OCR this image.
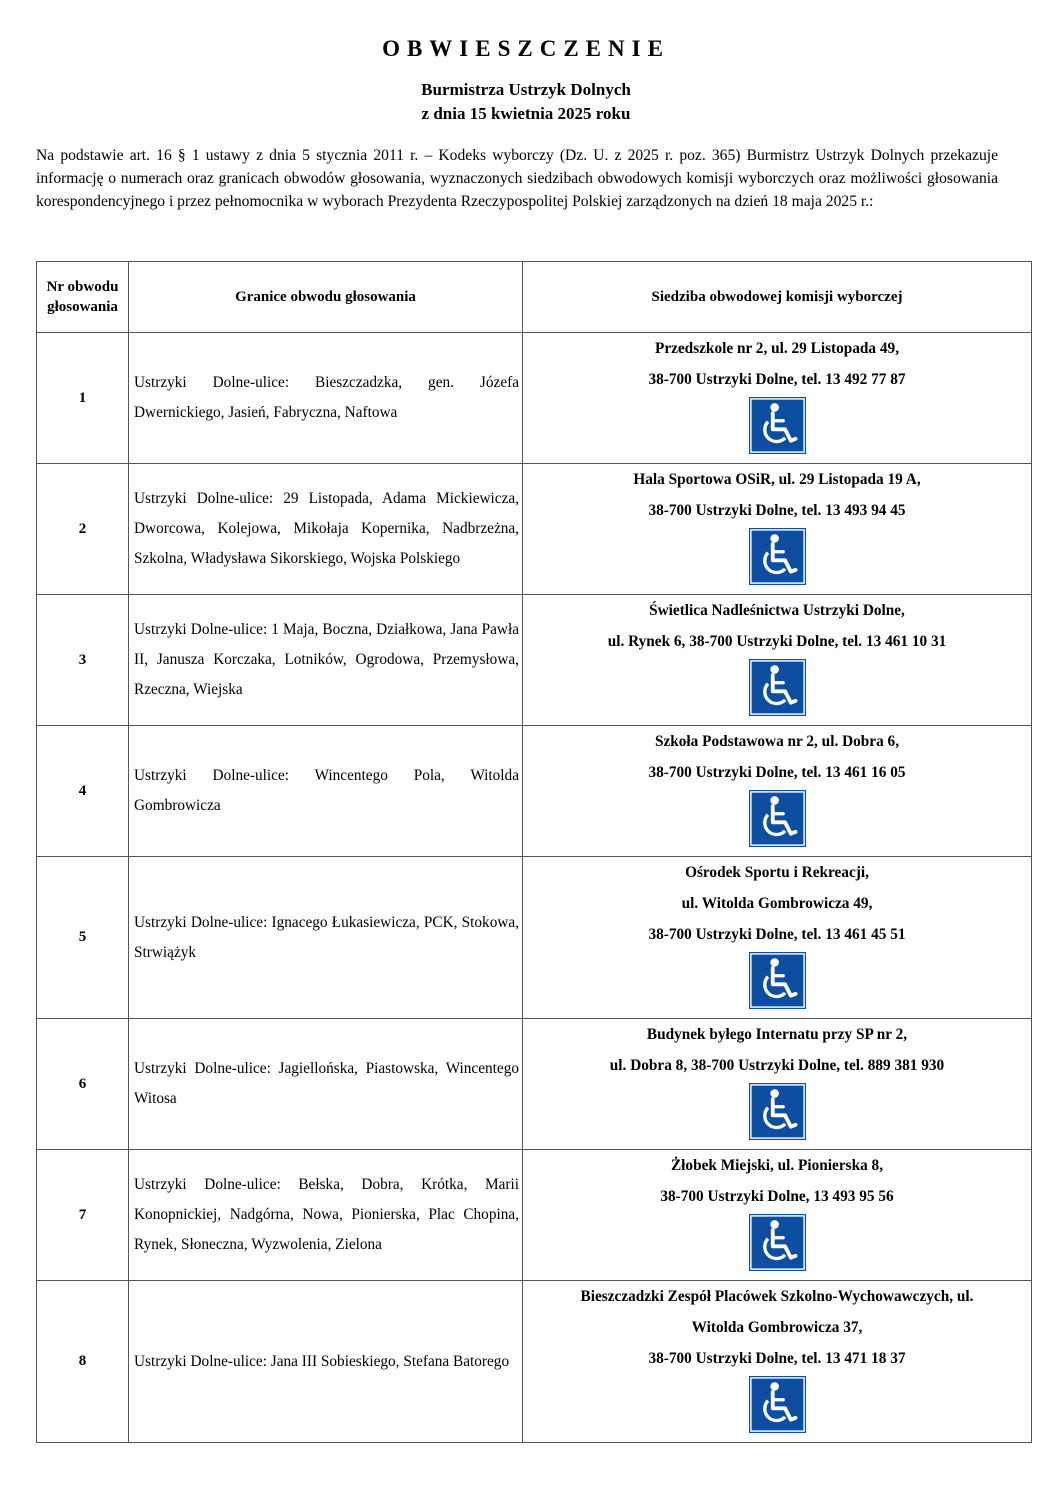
OBWIESZCZENIE
Burmistrza Ustrzyk Dolnych
z dnia 15 kwietnia 2025 roku
Na podstawie art. 16 § 1 ustawy z dnia 5 stycznia 2011 r. – Kodeks wyborczy (Dz. U. z 2025 r. poz. 365) Burmistrz Ustrzyk Dolnych przekazuje informację o numerach oraz granicach obwodów głosowania, wyznaczonych siedzibach obwodowych komisji wyborczych oraz możliwości głosowania korespondencyjnego i przez pełnomocnika w wyborach Prezydenta Rzeczypospolitej Polskiej zarządzonych na dzień 18 maja 2025 r.:
Nr obwodu
głosowania	Granice obwodu głosowania	Siedziba obwodowej komisji wyborczej
1	Ustrzyki Dolne-ulice: Bieszczadzka, gen. Józefa Dwernickiego, Jasień, Fabryczna, Naftowa	Przedszkole nr 2, ul. 29 Listopada 49,
38-700 Ustrzyki Dolne, tel. 13 492 77 87

2	Ustrzyki Dolne-ulice: 29 Listopada, Adama Mickiewicza, Dworcowa, Kolejowa, Mikołaja Kopernika, Nadbrzeżna, Szkolna, Władysława Sikorskiego, Wojska Polskiego	Hala Sportowa OSiR, ul. 29 Listopada 19 A,
38-700 Ustrzyki Dolne, tel. 13 493 94 45

3	Ustrzyki Dolne-ulice: 1 Maja, Boczna, Działkowa, Jana Pawła II, Janusza Korczaka, Lotników, Ogrodowa, Przemysłowa, Rzeczna, Wiejska	Świetlica Nadleśnictwa Ustrzyki Dolne,
ul. Rynek 6, 38-700 Ustrzyki Dolne, tel. 13 461 10 31

4	Ustrzyki Dolne-ulice: Wincentego Pola, Witolda Gombrowicza	Szkoła Podstawowa nr 2, ul. Dobra 6,
38-700 Ustrzyki Dolne, tel. 13 461 16 05

5	Ustrzyki Dolne-ulice: Ignacego Łukasiewicza, PCK, Stokowa, Strwiążyk	Ośrodek Sportu i Rekreacji,
ul. Witolda Gombrowicza 49,
38-700 Ustrzyki Dolne, tel. 13 461 45 51

6	Ustrzyki Dolne-ulice: Jagiellońska, Piastowska, Wincentego Witosa	Budynek byłego Internatu przy SP nr 2,
ul. Dobra 8, 38-700 Ustrzyki Dolne, tel. 889 381 930

7	Ustrzyki Dolne-ulice: Bełska, Dobra, Krótka, Marii Konopnickiej, Nadgórna, Nowa, Pionierska, Plac Chopina, Rynek, Słoneczna, Wyzwolenia, Zielona	Żłobek Miejski, ul. Pionierska 8,
38-700 Ustrzyki Dolne, 13 493 95 56

8	Ustrzyki Dolne-ulice: Jana III Sobieskiego, Stefana Batorego	Bieszczadzki Zespół Placówek Szkolno-Wychowawczych, ul.
Witolda Gombrowicza 37,
38-700 Ustrzyki Dolne, tel. 13 471 18 37
